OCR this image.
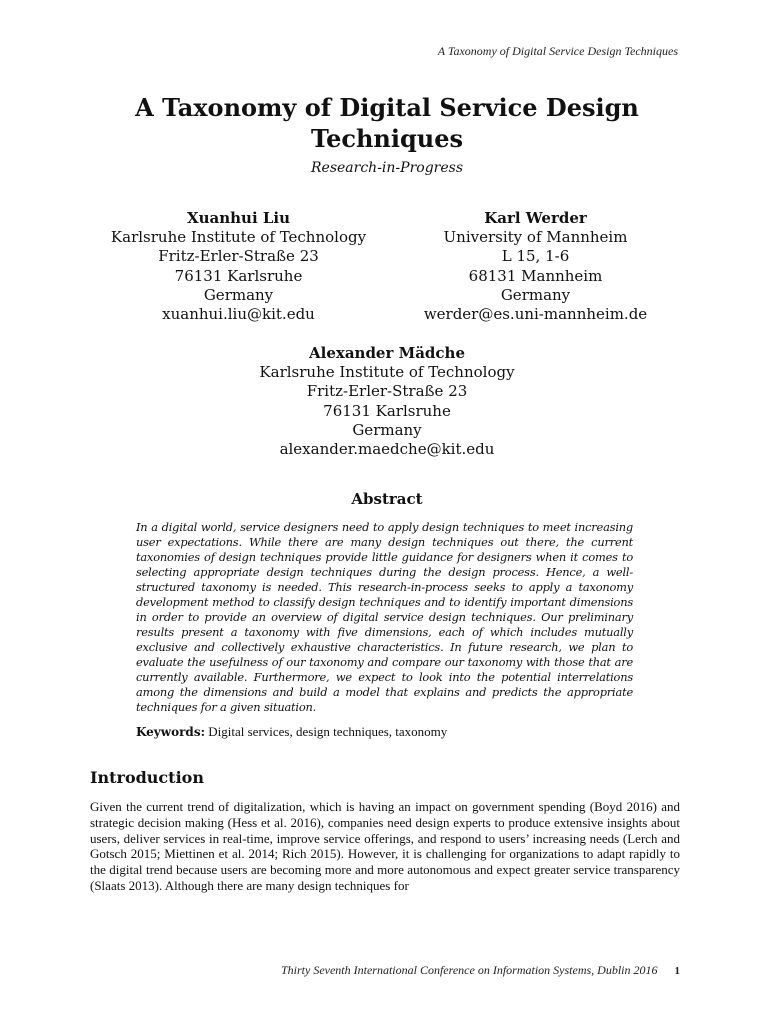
A Taxonomy of Digital Service Design Techniques
A Taxonomy of Digital Service Design Techniques
Research-in-Progress
Xuanhui Liu
Karlsruhe Institute of Technology
Fritz-Erler-Straße 23
76131 Karlsruhe
Germany
xuanhui.liu@kit.edu
Karl Werder
University of Mannheim
L 15, 1-6
68131 Mannheim
Germany
werder@es.uni-mannheim.de
Alexander Mädche
Karlsruhe Institute of Technology
Fritz-Erler-Straße 23
76131 Karlsruhe
Germany
alexander.maedche@kit.edu
Abstract

In a digital world, service designers need to apply design techniques to meet increasing user expectations. While there are many design techniques out there, the current taxonomies of design techniques provide little guidance for designers when it comes to selecting appropriate design techniques during the design process. Hence, a well-structured taxonomy is needed. This research-in-process seeks to apply a taxonomy development method to classify design techniques and to identify important dimensions in order to provide an overview of digital service design techniques. Our preliminary results present a taxonomy with five dimensions, each of which includes mutually exclusive and collectively exhaustive characteristics. In future research, we plan to evaluate the usefulness of our taxonomy and compare our taxonomy with those that are currently available. Furthermore, we expect to look into the potential interrelations among the dimensions and build a model that explains and predicts the appropriate techniques for a given situation.

Keywords: Digital services, design techniques, taxonomy
Introduction

Given the current trend of digitalization, which is having an impact on government spending (Boyd 2016) and strategic decision making (Hess et al. 2016), companies need design experts to produce extensive insights about users, deliver services in real-time, improve service offerings, and respond to users’ increasing needs (Lerch and Gotsch 2015; Miettinen et al. 2014; Rich 2015). However, it is challenging for organizations to adapt rapidly to the digital trend because users are becoming more and more autonomous and expect greater service transparency (Slaats 2013). Although there are many design techniques for

Thirty Seventh International Conference on Information Systems, Dublin 2016 1
